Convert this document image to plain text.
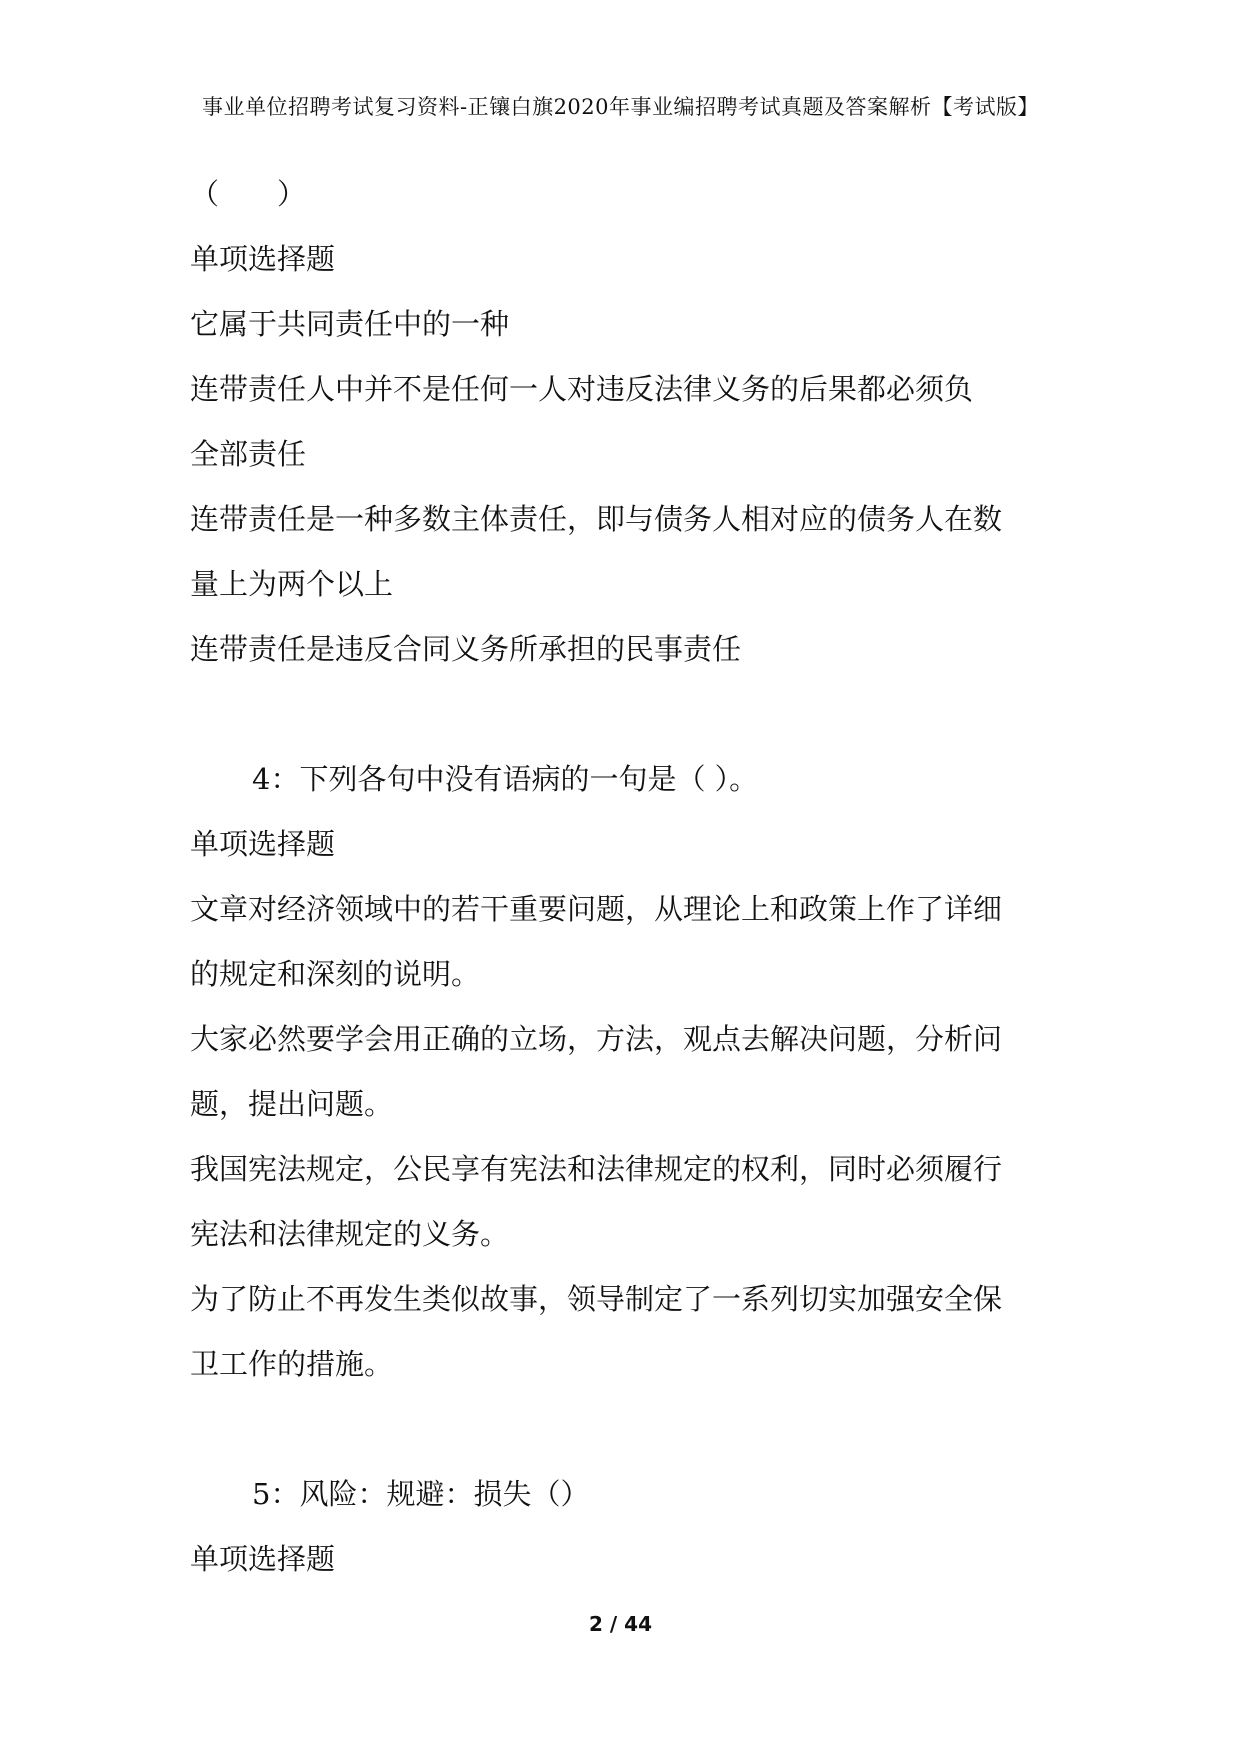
事业单位招聘考试复习资料-正镶白旗2020年事业编招聘考试真题及答案解析【考试版】
（　　）
单项选择题
它属于共同责任中的一种
连带责任人中并不是任何一人对违反法律义务的后果都必须负
全部责任
连带责任是一种多数主体责任，即与债务人相对应的债务人在数
量上为两个以上
连带责任是违反合同义务所承担的民事责任
4：下列各句中没有语病的一句是（ ）。
单项选择题
文章对经济领域中的若干重要问题，从理论上和政策上作了详细
的规定和深刻的说明。
大家必然要学会用正确的立场，方法，观点去解决问题，分析问
题，提出问题。
我国宪法规定，公民享有宪法和法律规定的权利，同时必须履行
宪法和法律规定的义务。
为了防止不再发生类似故事，领导制定了一系列切实加强安全保
卫工作的措施。
5：风险：规避：损失（）
单项选择题
2 / 44
